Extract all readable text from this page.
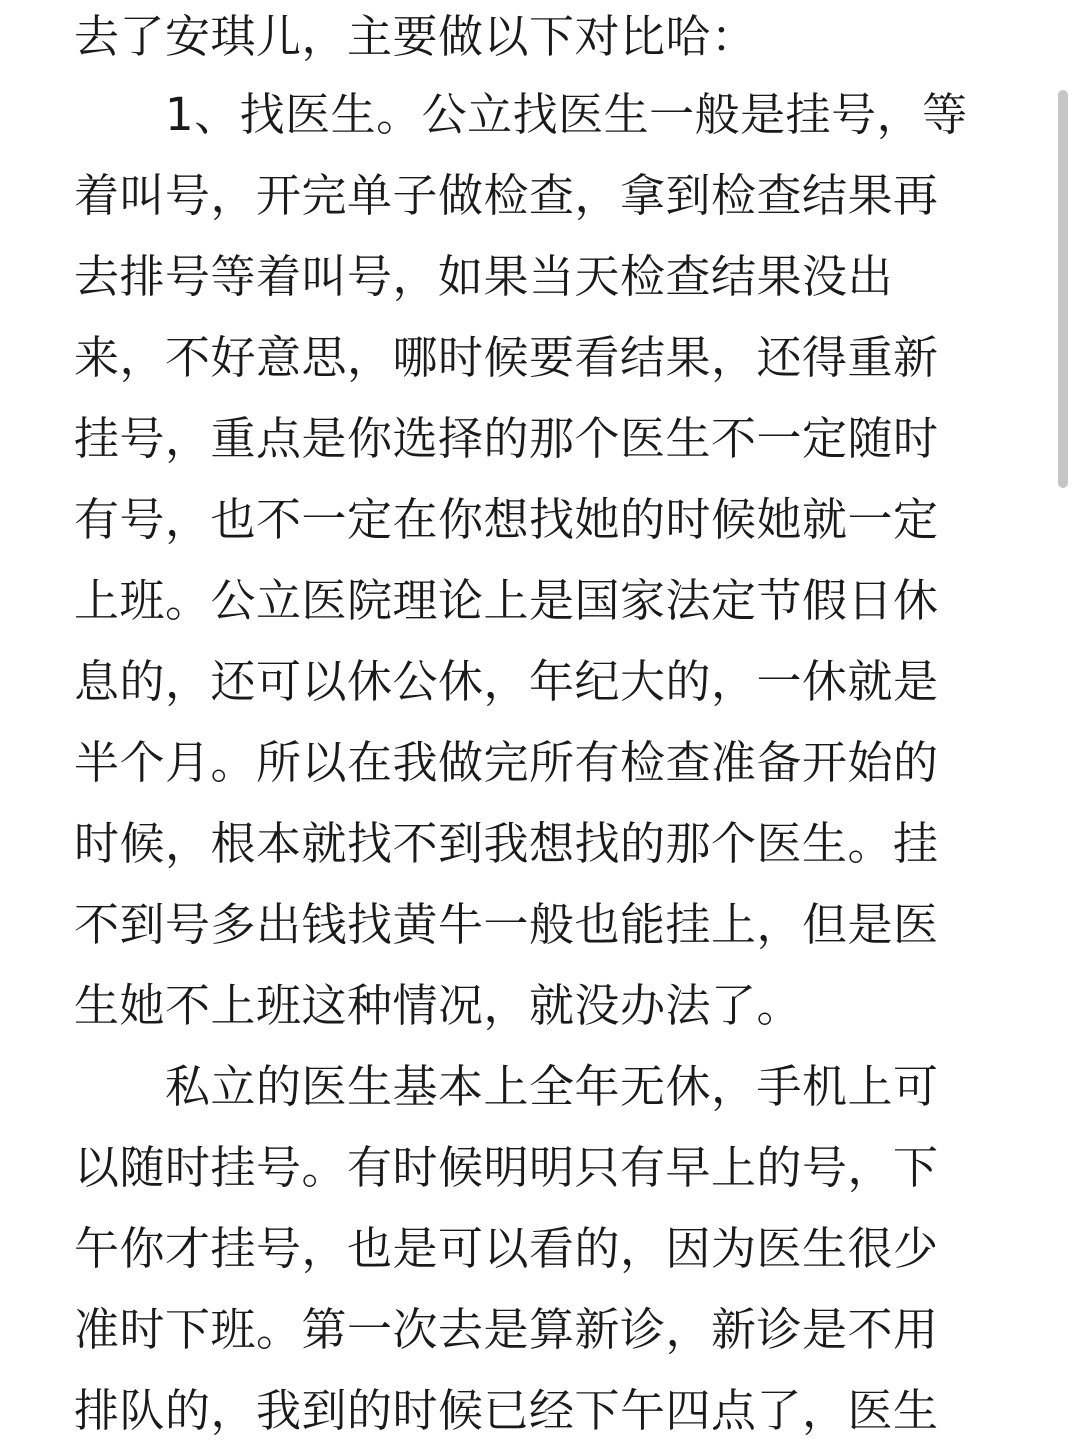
去了安琪儿，主要做以下对比哈：
　　1、找医生。公立找医生一般是挂号，等
着叫号，开完单子做检查，拿到检查结果再
去排号等着叫号，如果当天检查结果没出
来，不好意思，哪时候要看结果，还得重新
挂号，重点是你选择的那个医生不一定随时
有号，也不一定在你想找她的时候她就一定
上班。公立医院理论上是国家法定节假日休
息的，还可以休公休，年纪大的，一休就是
半个月。所以在我做完所有检查准备开始的
时候，根本就找不到我想找的那个医生。挂
不到号多出钱找黄牛一般也能挂上，但是医
生她不上班这种情况，就没办法了。
　　私立的医生基本上全年无休，手机上可
以随时挂号。有时候明明只有早上的号，下
午你才挂号，也是可以看的，因为医生很少
准时下班。第一次去是算新诊，新诊是不用
排队的，我到的时候已经下午四点了，医生
